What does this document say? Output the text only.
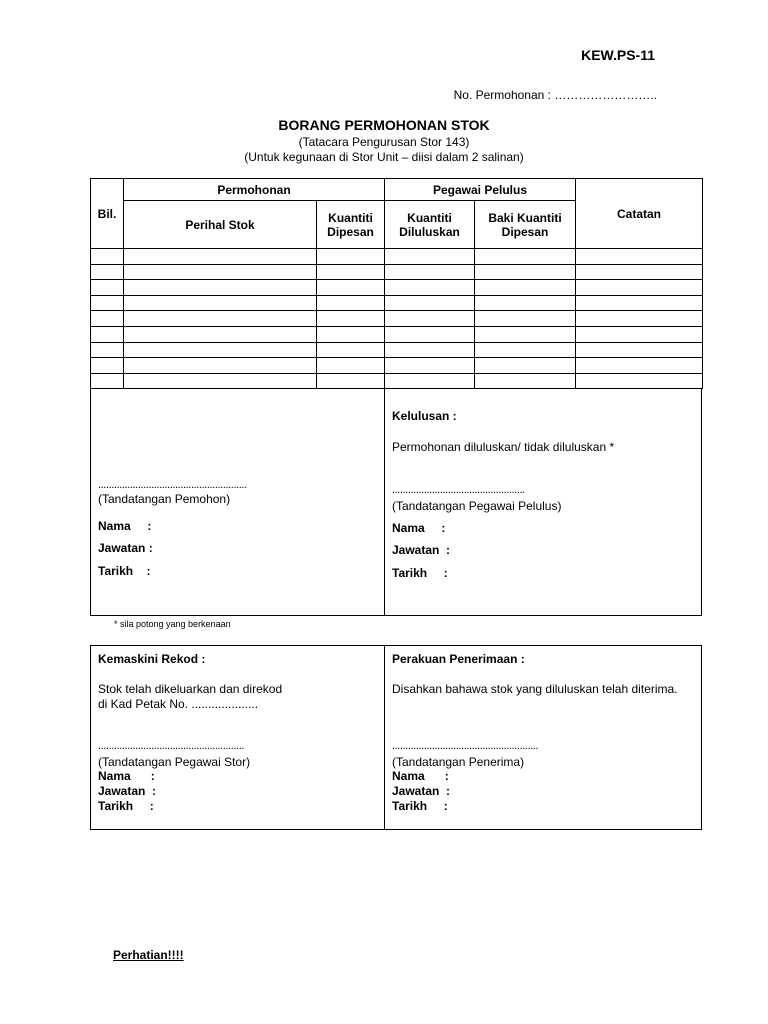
KEW.PS-11
No. Permohonan : ……………………..
BORANG PERMOHONAN STOK
(Tatacara Pengurusan Stor 143)
(Untuk kegunaan di Stor Unit – diisi dalam 2 salinan)
Bil.	Permohonan		Pegawai Pelulus		Catatan
	Perihal Stok	Kuantiti Dipesan	Kuantiti Diluluskan	Baki Kuantiti Dipesan	

........................................................
(Tandatangan Pemohon)
Nama     :
Jawatan :
Tarikh    :
Kelulusan :
Permohonan diluluskan/ tidak diluluskan *
..................................................
(Tandatangan Pegawai Pelulus)
Nama     :
Jawatan  :
Tarikh     :
* sila potong yang berkenaan
Kemaskini Rekod :
Stok telah dikeluarkan dan direkod
di Kad Petak No. ....................
.......................................................
(Tandatangan Pegawai Stor)
Nama      :
Jawatan  :
Tarikh     :
Perakuan Penerimaan :
Disahkan bahawa stok yang diluluskan telah diterima.
.......................................................
(Tandatangan Penerima)
Nama      :
Jawatan  :
Tarikh     :
Perhatian!!!!
